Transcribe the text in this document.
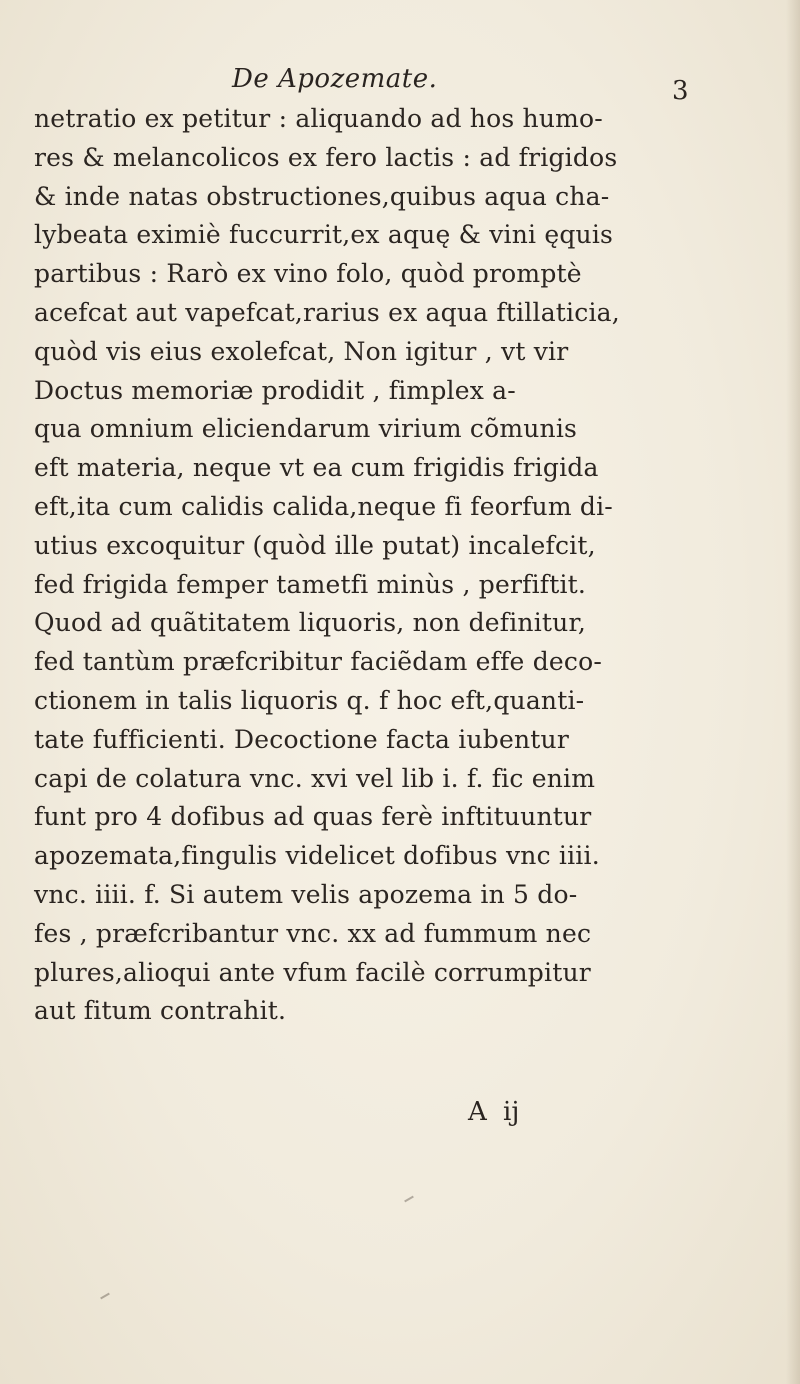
De Apozemate.	3
netratio ex petitur : aliquando ad hos humo-
res & melancolicos ex fero lactis : ad frigidos
& inde natas obstructiones,quibus aqua cha-
lybeata eximiè fuccurrit,ex aquę & vini ęquis
partibus : Rarò ex vino folo, quòd promptè
acefcat aut vapefcat,rarius ex aqua ftillaticia,
quòd vis eius exolefcat, Non igitur , vt vir
Doctus memoriæ prodidit , fimplex a-
qua omnium eliciendarum virium cõmunis
eft materia, neque vt ea cum frigidis frigida
eft,ita cum calidis calida,neque fi feorfum di-
utius excoquitur (quòd ille putat) incalefcit,
fed frigida femper tametfi minùs , perfiftit.
Quod ad quãtitatem liquoris, non definitur,
fed tantùm præfcribitur faciẽdam effe deco-
ctionem in talis liquoris q. f hoc eft,quanti-
tate fufficienti. Decoctione facta iubentur
capi de colatura vnc. xvi vel lib i. f. fic enim
funt pro 4 dofibus ad quas ferè inftituuntur
apozemata,fingulis videlicet dofibus vnc iiii.
vnc. iiii. f. Si autem velis apozema in 5 do-
fes , præfcribantur vnc. xx ad fummum nec
plures,alioqui ante vfum facilè corrumpitur
aut fitum contrahit.
A ij
